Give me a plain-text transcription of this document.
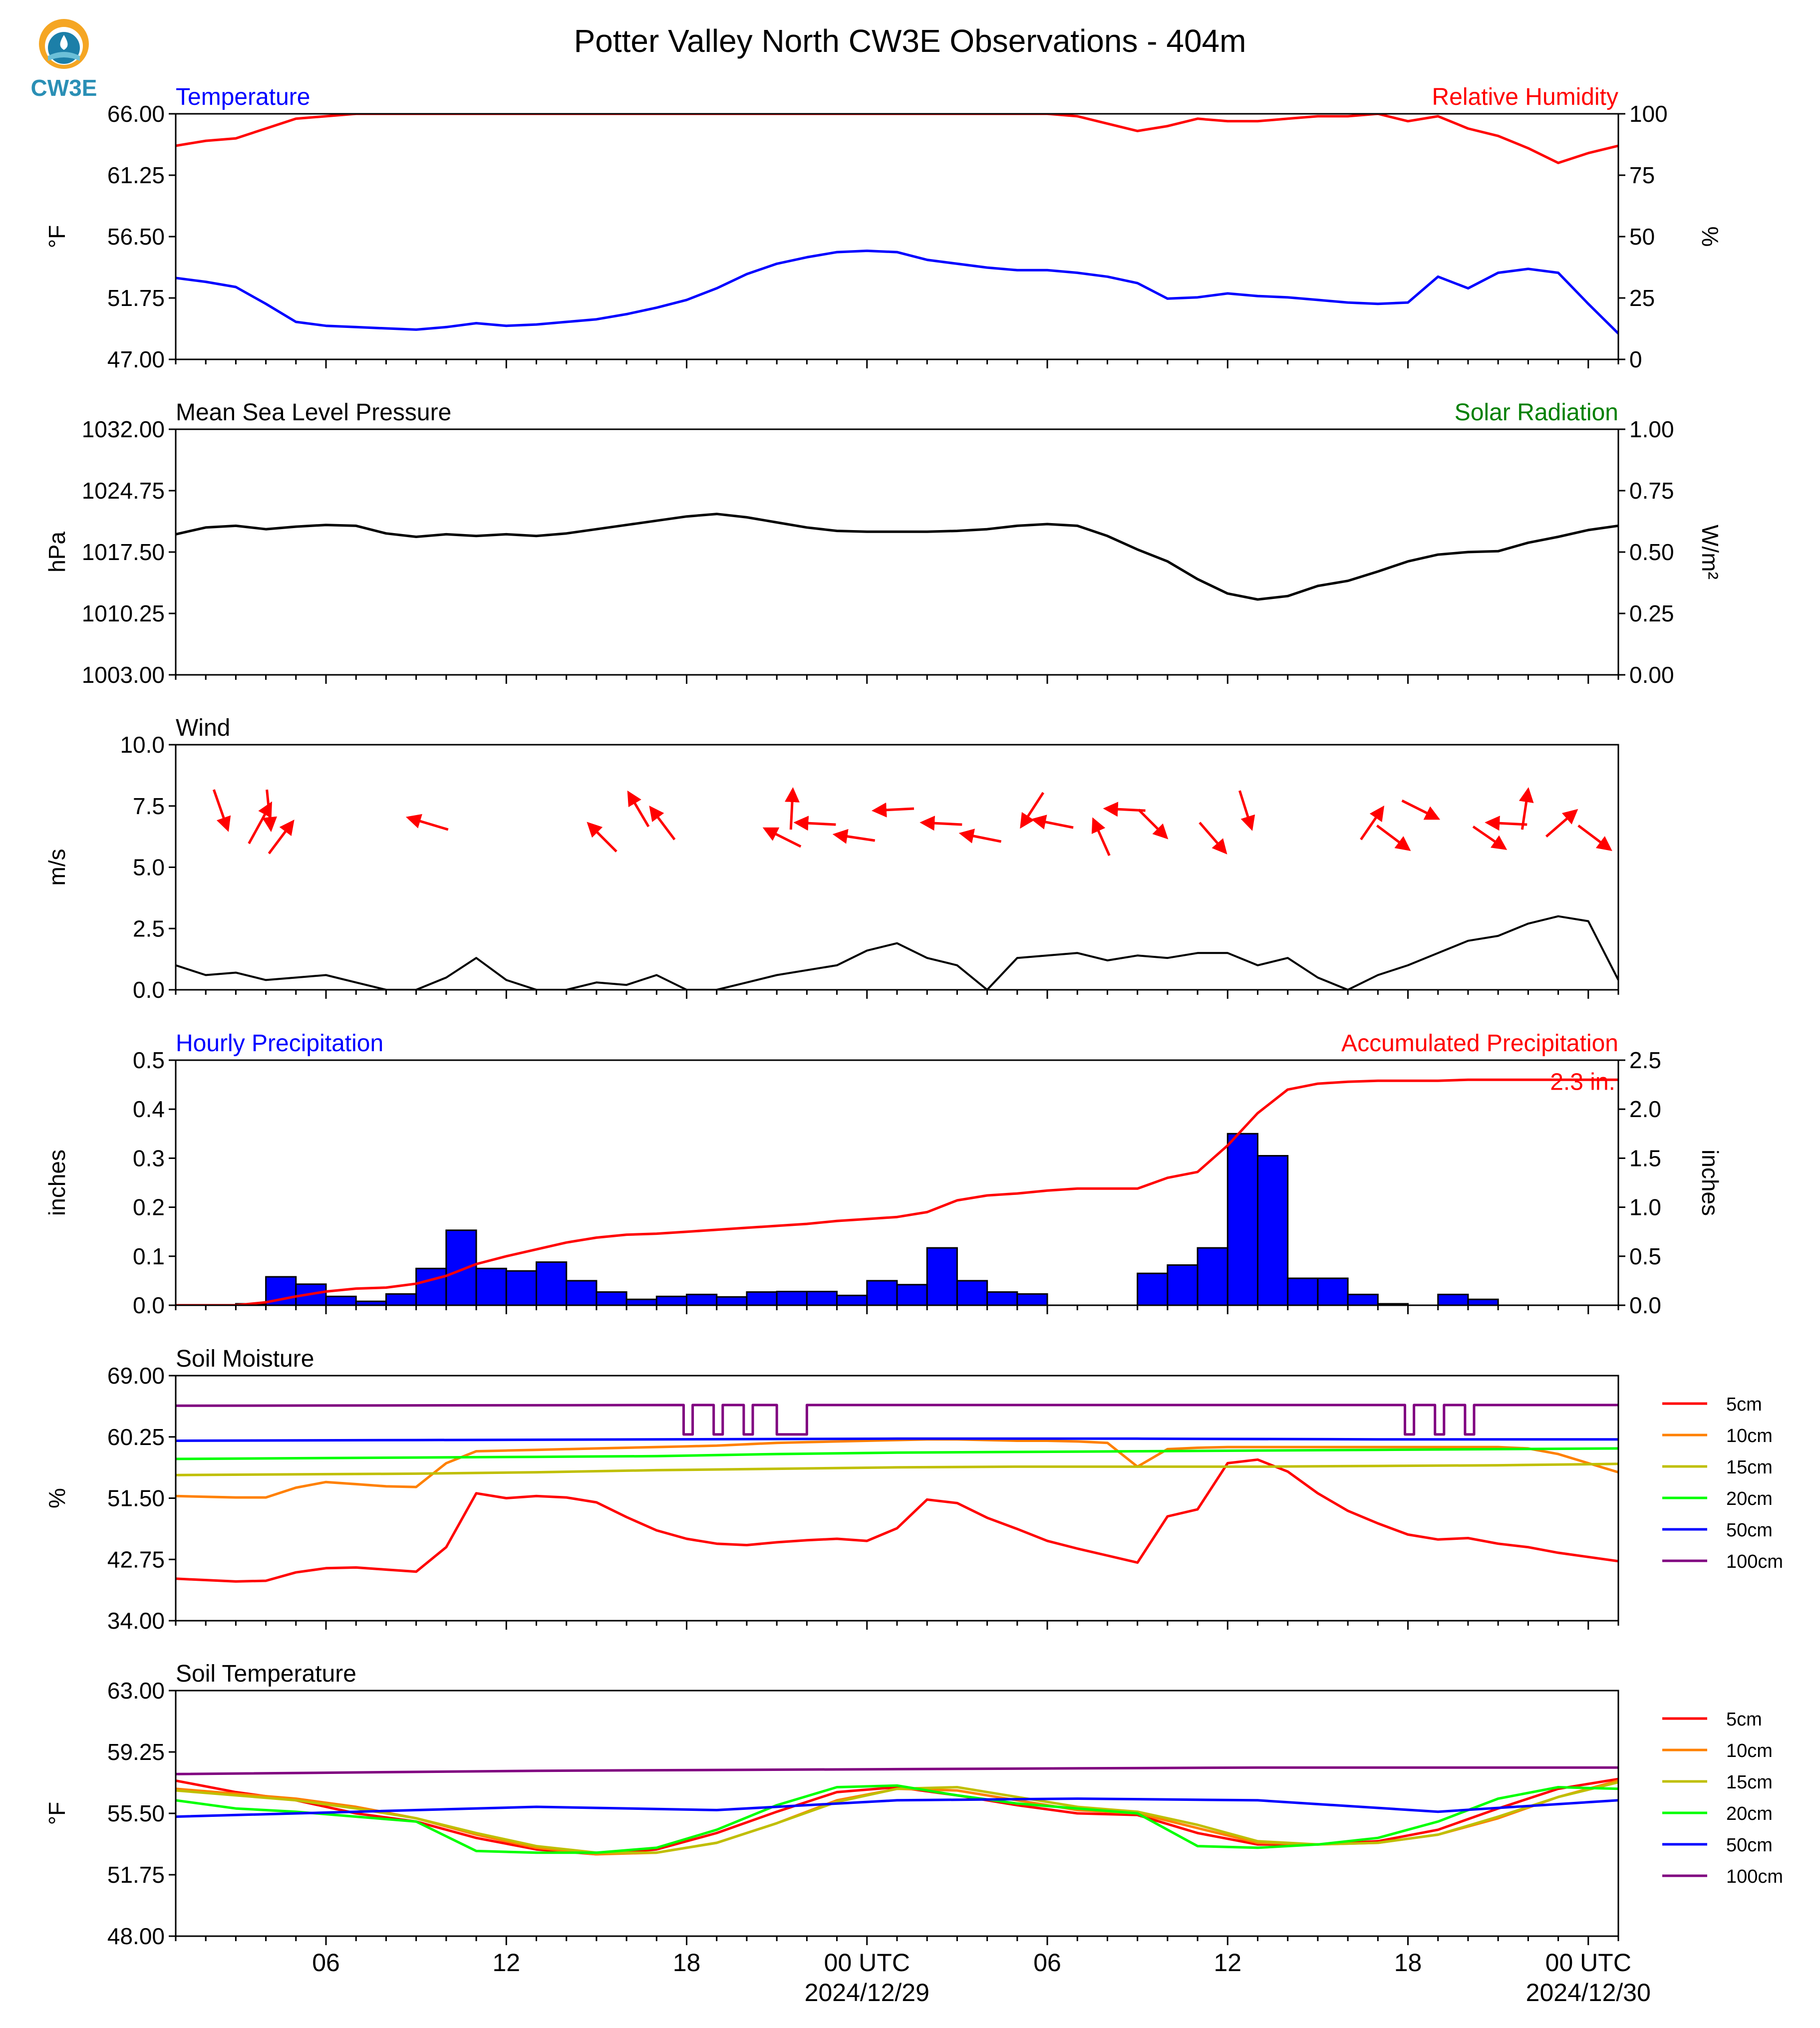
CW3E
Potter Valley North CW3E Observations - 404m
Temperature	Relative Humidity
66.00
61.25
56.50
51.75
47.00
100
75
50
25
0
°F	%
Mean Sea Level Pressure	Solar Radiation
1032.00
1024.75
1017.50
1010.25
1003.00
1.00
0.75
0.50
0.25
0.00
hPa	W/m²
Wind
10.0
7.5
5.0
2.5
0.0
m/s
Hourly Precipitation	Accumulated Precipitation
0.5
0.4
0.3
0.2
0.1
0.0
2.5
2.0
1.5
1.0
0.5
0.0
inches	inches
2.3 in.
Soil Moisture
69.00
60.25
51.50
42.75
34.00
%
5cm
10cm
15cm
20cm
50cm
100cm
Soil Temperature
63.00
59.25
55.50
51.75
48.00
°F
5cm
10cm
15cm
20cm
50cm
100cm
06	12	18	00 UTC
2024/12/29
06	12	18	00 UTC
2024/12/30
